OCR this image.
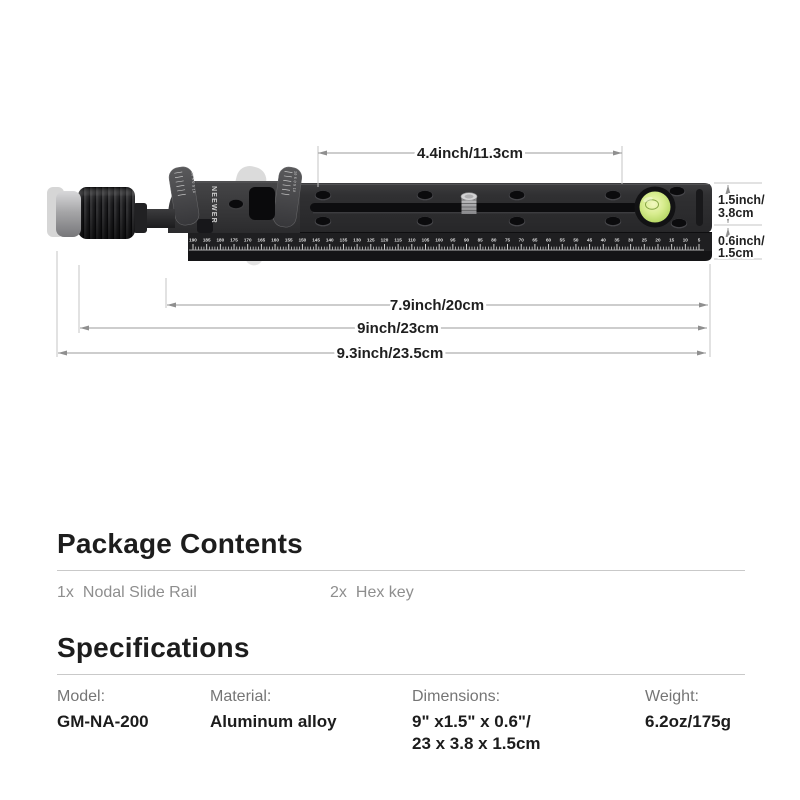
10 5 0 5 10	10 5 0 5 10
NEEWER
190 185 180 175 170 165 160 155 150 145 140 135 130 125 120 115 110 105 100 95 90 85 80 75 70 65 60 55 50 45 40 35 30 25 20 15 10 5
4.4inch/11.3cm
1.5inch/
3.8cm
0.6inch/
1.5cm
7.9inch/20cm
9inch/23cm
9.3inch/23.5cm
Package Contents
1x Nodal Slide Rail	2x Hex key
Specifications
Model:
GM-NA-200
Material:
Aluminum alloy
Dimensions:
9" x1.5" x 0.6"/
23 x 3.8 x 1.5cm
Weight:
6.2oz/175g
